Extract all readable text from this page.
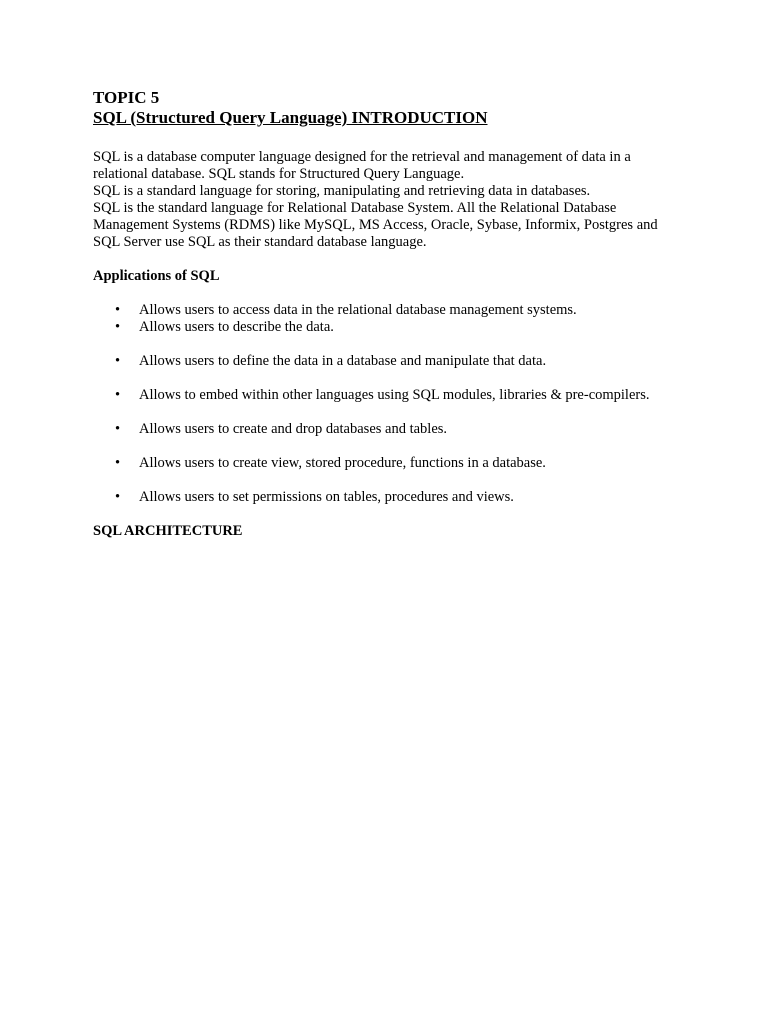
TOPIC 5
SQL (Structured Query Language) INTRODUCTION

SQL is a database computer language designed for the retrieval and management of data in a relational database. SQL stands for Structured Query Language.

SQL is a standard language for storing, manipulating and retrieving data in databases.

SQL is the standard language for Relational Database System. All the Relational Database Management Systems (RDMS) like MySQL, MS Access, Oracle, Sybase, Informix, Postgres and SQL Server use SQL as their standard database language.

Applications of SQL
• Allows users to access data in the relational database management systems.
• Allows users to describe the data.
• Allows users to define the data in a database and manipulate that data.
• Allows to embed within other languages using SQL modules, libraries & pre-compilers.
• Allows users to create and drop databases and tables.
• Allows users to create view, stored procedure, functions in a database.
• Allows users to set permissions on tables, procedures and views.
SQL ARCHITECTURE
